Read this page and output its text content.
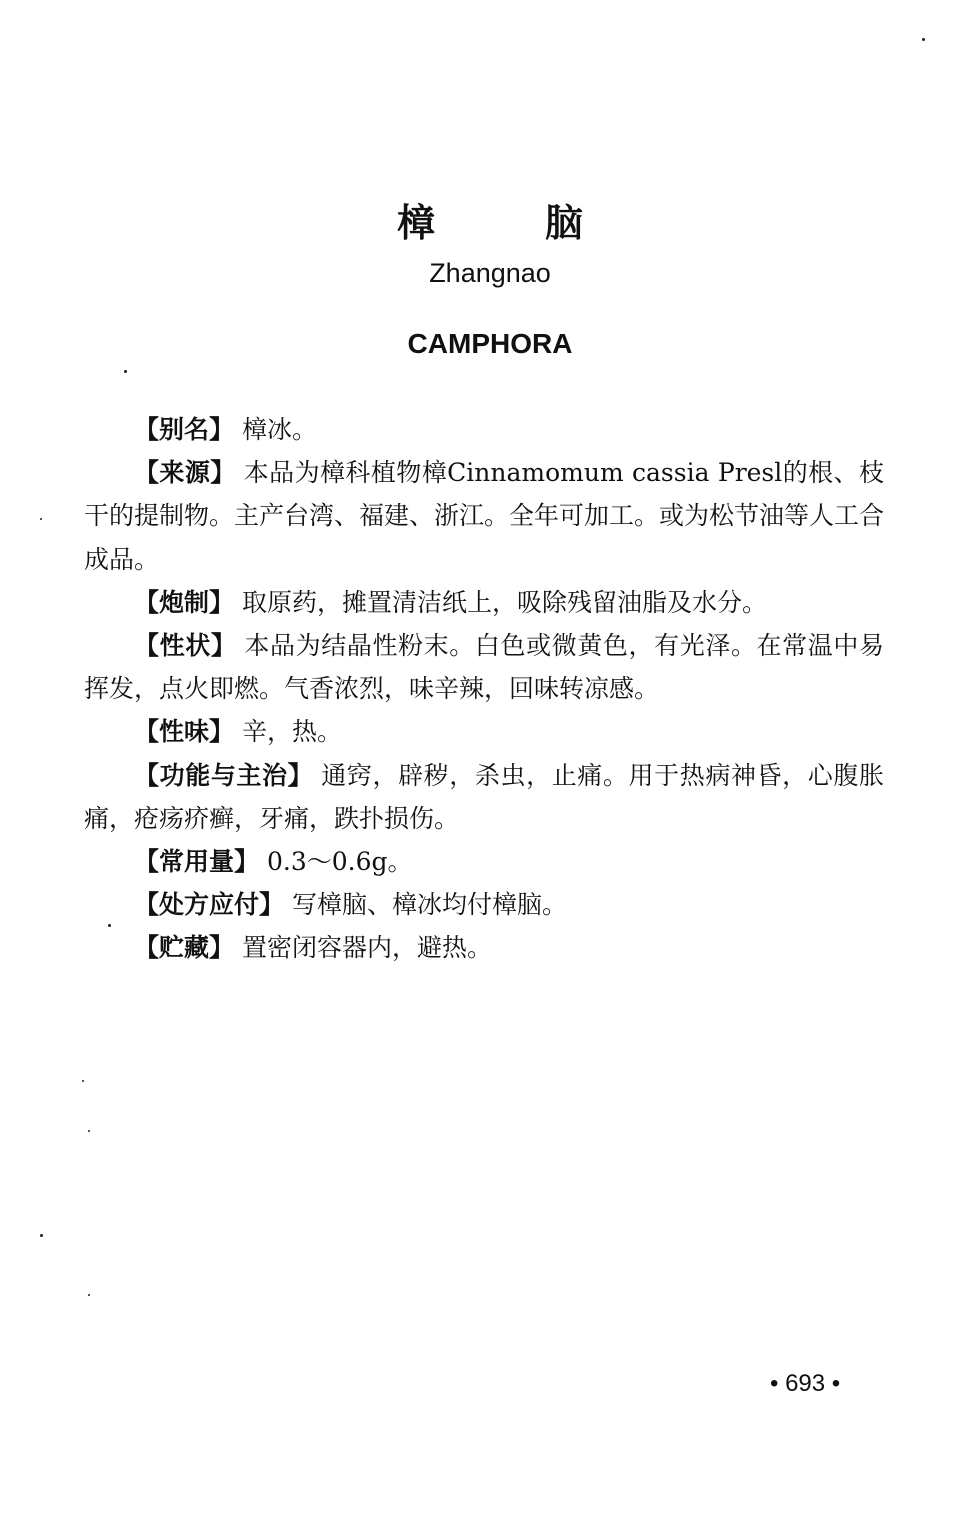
樟	脑
Zhangnao
CAMPHORA

【别名】 樟冰。

【来源】 本品为樟科植物樟Cinnamomum cassia Presl的根、枝干的提制物。主产台湾、福建、浙江。全年可加工。或为松节油等人工合成品。

【炮制】 取原药，摊置清洁纸上，吸除残留油脂及水分。

【性状】 本品为结晶性粉末。白色或微黄色，有光泽。在常温中易挥发，点火即燃。气香浓烈，味辛辣，回味转凉感。

【性味】 辛，热。

【功能与主治】 通窍，辟秽，杀虫，止痛。用于热病神昏，心腹胀痛，疮疡疥癣，牙痛，跌扑损伤。

【常用量】 0.3～0.6g。

【处方应付】 写樟脑、樟冰均付樟脑。

【贮藏】 置密闭容器内，避热。

• 693 •
